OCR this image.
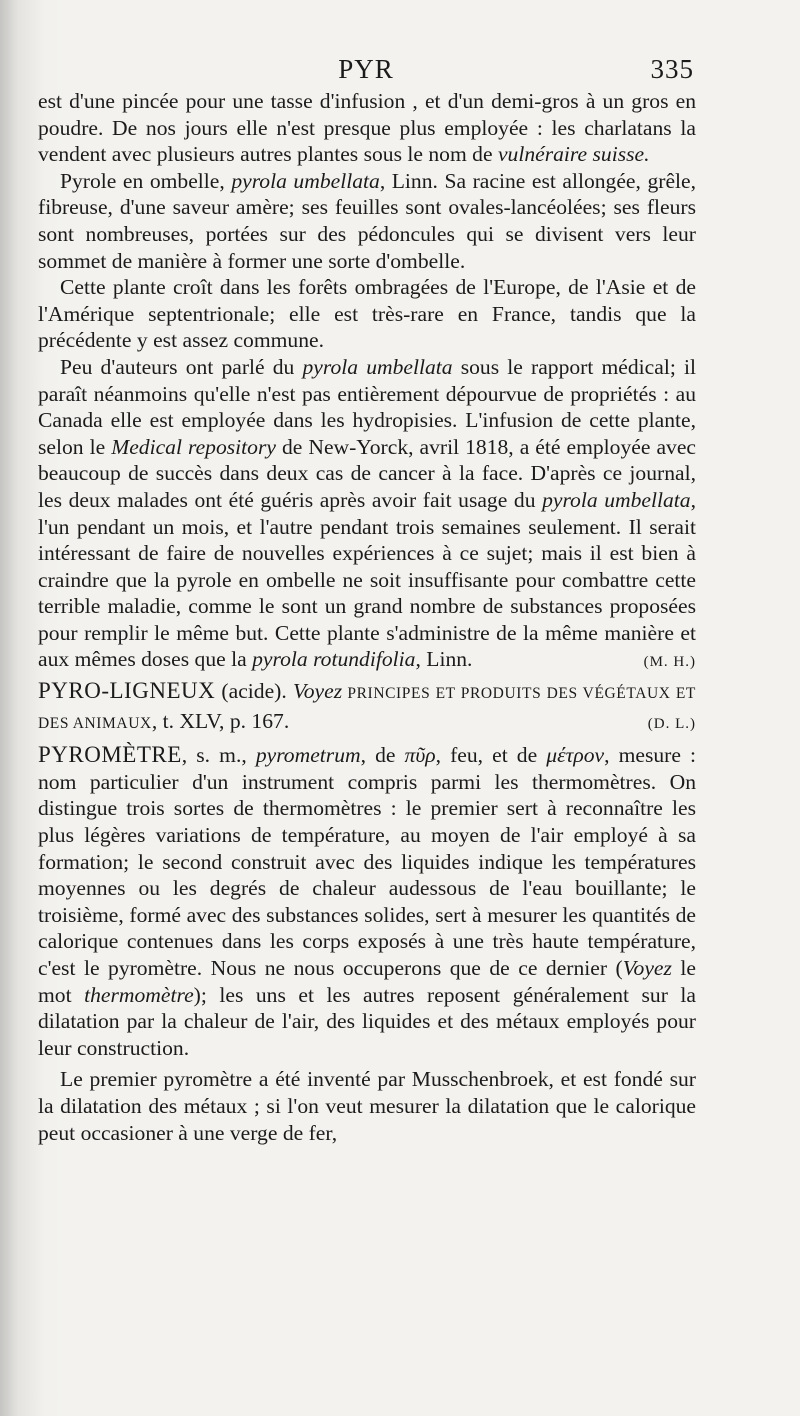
PYR	335

est d'une pincée pour une tasse d'infusion , et d'un demi-gros à un gros en poudre. De nos jours elle n'est presque plus employée : les charlatans la vendent avec plusieurs autres plantes sous le nom de vulnéraire suisse.

Pyrole en ombelle, pyrola umbellata, Linn. Sa racine est allongée, grêle, fibreuse, d'une saveur amère; ses feuilles sont ovales-lancéolées; ses fleurs sont nombreuses, portées sur des pédoncules qui se divisent vers leur sommet de manière à former une sorte d'ombelle.

Cette plante croît dans les forêts ombragées de l'Europe, de l'Asie et de l'Amérique septentrionale; elle est très-rare en France, tandis que la précédente y est assez commune.

Peu d'auteurs ont parlé du pyrola umbellata sous le rapport médical; il paraît néanmoins qu'elle n'est pas entièrement dépourvue de propriétés : au Canada elle est employée dans les hydropisies. L'infusion de cette plante, selon le Medical repository de New-Yorck, avril 1818, a été employée avec beaucoup de succès dans deux cas de cancer à la face. D'après ce journal, les deux malades ont été guéris après avoir fait usage du pyrola umbellata, l'un pendant un mois, et l'autre pendant trois semaines seulement. Il serait intéressant de faire de nouvelles expériences à ce sujet; mais il est bien à craindre que la pyrole en ombelle ne soit insuffisante pour combattre cette terrible maladie, comme le sont un grand nombre de substances proposées pour remplir le même but. Cette plante s'administre de la même manière et aux mêmes doses que la pyrola rotundifolia, Linn.	(M. H.)

PYRO-LIGNEUX (acide). Voyez PRINCIPES ET PRODUITS DES VÉGÉTAUX ET DES ANIMAUX, t. XLV, p. 167.	(D. L.)

PYROMÈTRE, s. m., pyrometrum, de πῦρ, feu, et de μέτρον, mesure : nom particulier d'un instrument compris parmi les thermomètres. On distingue trois sortes de thermomètres : le premier sert à reconnaître les plus légères variations de température, au moyen de l'air employé à sa formation; le second construit avec des liquides indique les températures moyennes ou les degrés de chaleur audessous de l'eau bouillante; le troisième, formé avec des substances solides, sert à mesurer les quantités de calorique contenues dans les corps exposés à une très haute température, c'est le pyromètre. Nous ne nous occuperons que de ce dernier (Voyez le mot thermomètre); les uns et les autres reposent généralement sur la dilatation par la chaleur de l'air, des liquides et des métaux employés pour leur construction.

Le premier pyromètre a été inventé par Musschenbroek, et est fondé sur la dilatation des métaux ; si l'on veut mesurer la dilatation que le calorique peut occasioner à une verge de fer,
